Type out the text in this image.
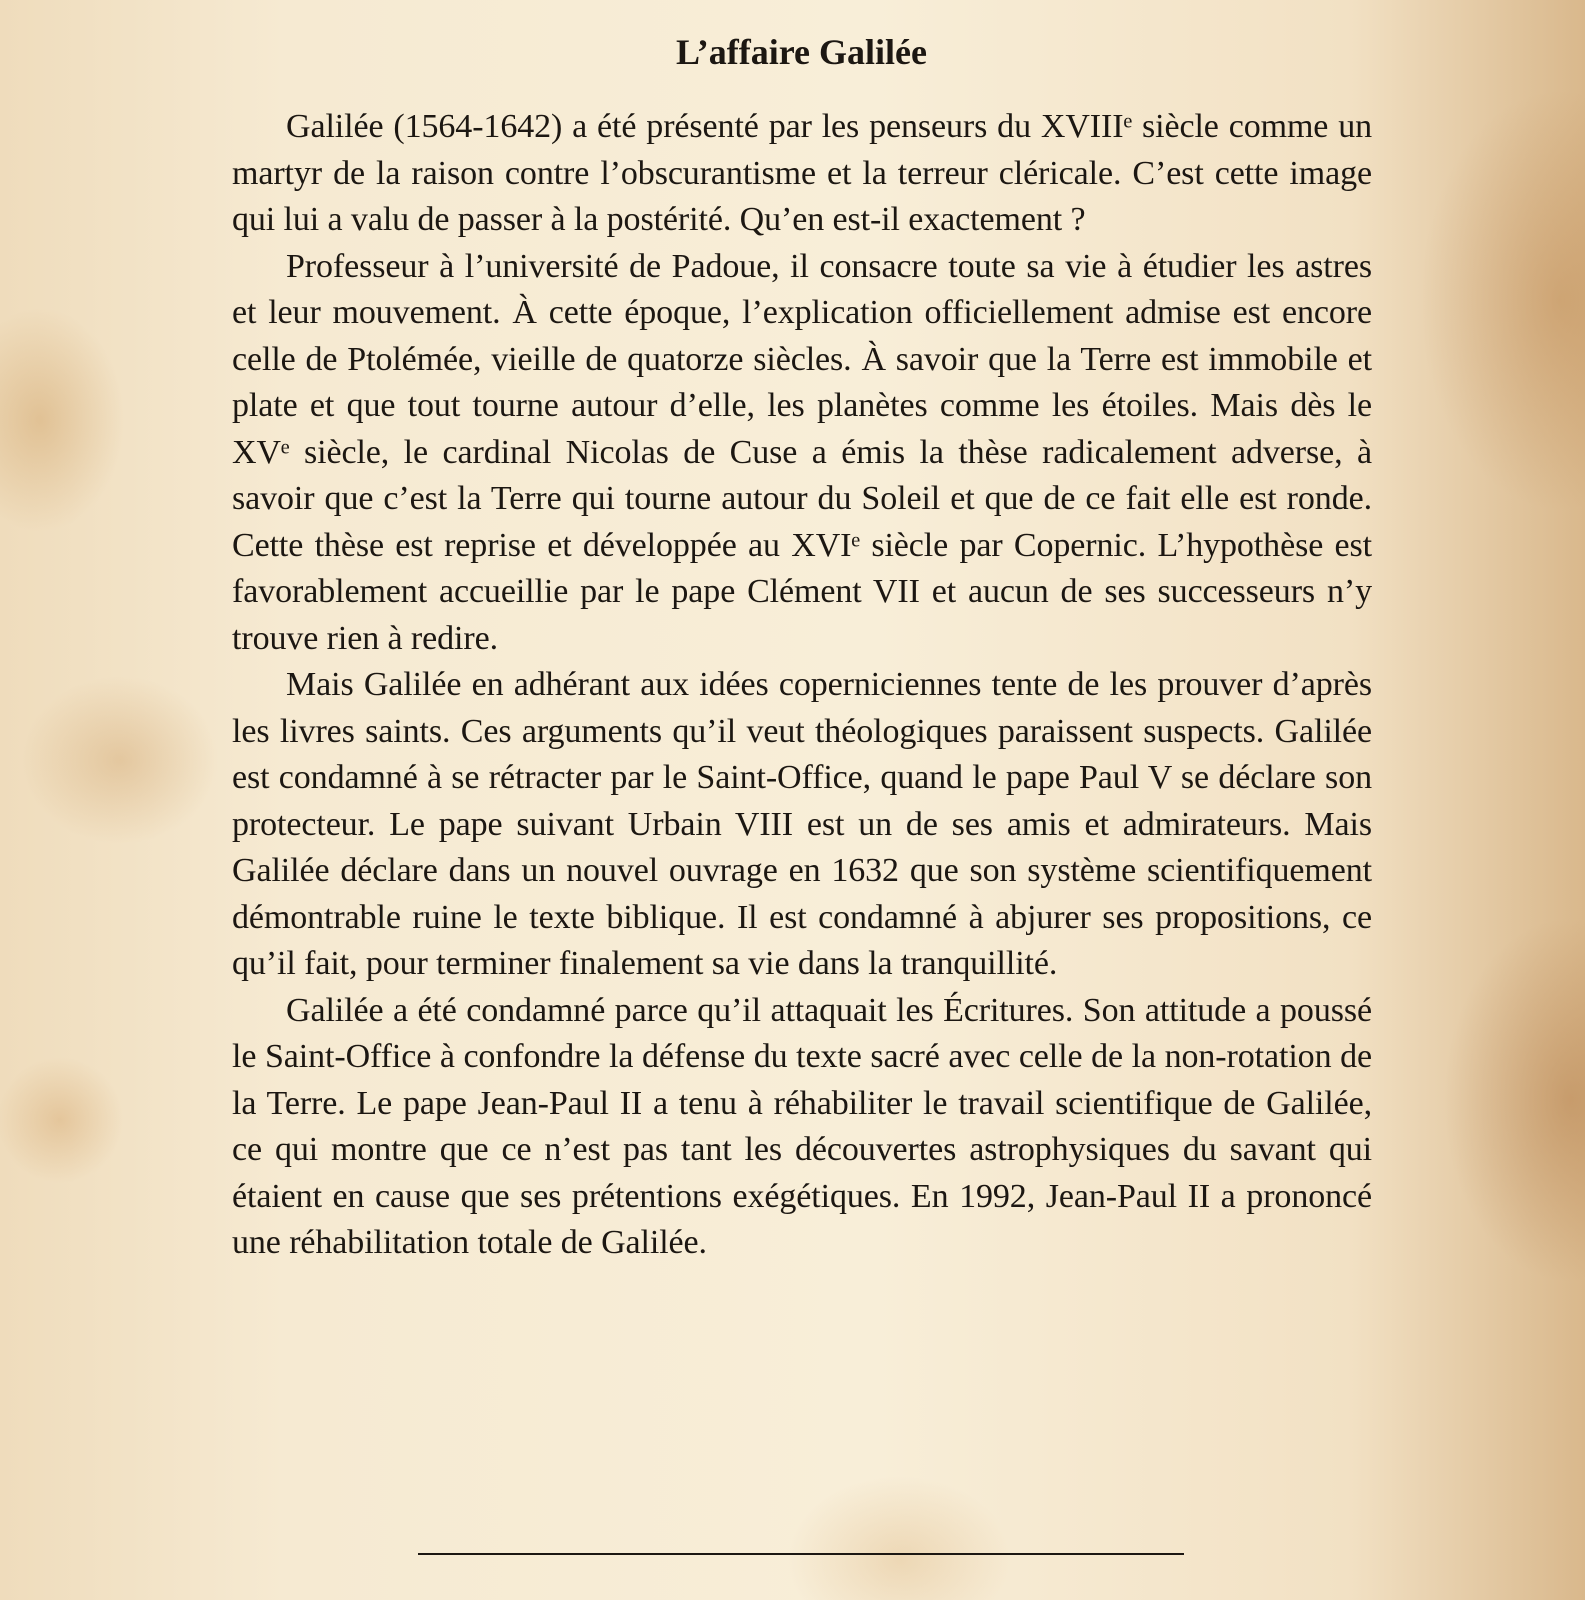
L’affaire Galilée

Galilée (1564-1642) a été présenté par les penseurs du XVIIIᵉ siècle comme un martyr de la raison contre l’obscurantisme et la terreur cléricale. C’est cette image qui lui a valu de passer à la postérité. Qu’en est-il exactement ?

Professeur à l’université de Padoue, il consacre toute sa vie à étudier les astres et leur mouvement. À cette époque, l’explication officiellement admise est encore celle de Ptolémée, vieille de quatorze siècles. À savoir que la Terre est immobile et plate et que tout tourne autour d’elle, les planètes comme les étoiles. Mais dès le XVᵉ siècle, le cardinal Nicolas de Cuse a émis la thèse radicalement adverse, à savoir que c’est la Terre qui tourne autour du Soleil et que de ce fait elle est ronde. Cette thèse est reprise et développée au XVIᵉ siècle par Copernic. L’hypothèse est favorablement accueillie par le pape Clément VII et aucun de ses successeurs n’y trouve rien à redire.

Mais Galilée en adhérant aux idées coperniciennes tente de les prouver d’après les livres saints. Ces arguments qu’il veut théologiques paraissent suspects. Galilée est condamné à se rétracter par le Saint-Office, quand le pape Paul V se déclare son protecteur. Le pape suivant Urbain VIII est un de ses amis et admirateurs. Mais Galilée déclare dans un nouvel ouvrage en 1632 que son système scientifiquement démontrable ruine le texte biblique. Il est condamné à abjurer ses propositions, ce qu’il fait, pour terminer finalement sa vie dans la tranquillité.

Galilée a été condamné parce qu’il attaquait les Écritures. Son attitude a poussé le Saint-Office à confondre la défense du texte sacré avec celle de la non-rotation de la Terre. Le pape Jean-Paul II a tenu à réhabiliter le travail scientifique de Galilée, ce qui montre que ce n’est pas tant les découvertes astrophysiques du savant qui étaient en cause que ses prétentions exégétiques. En 1992, Jean-Paul II a prononcé une réhabilitation totale de Galilée.
